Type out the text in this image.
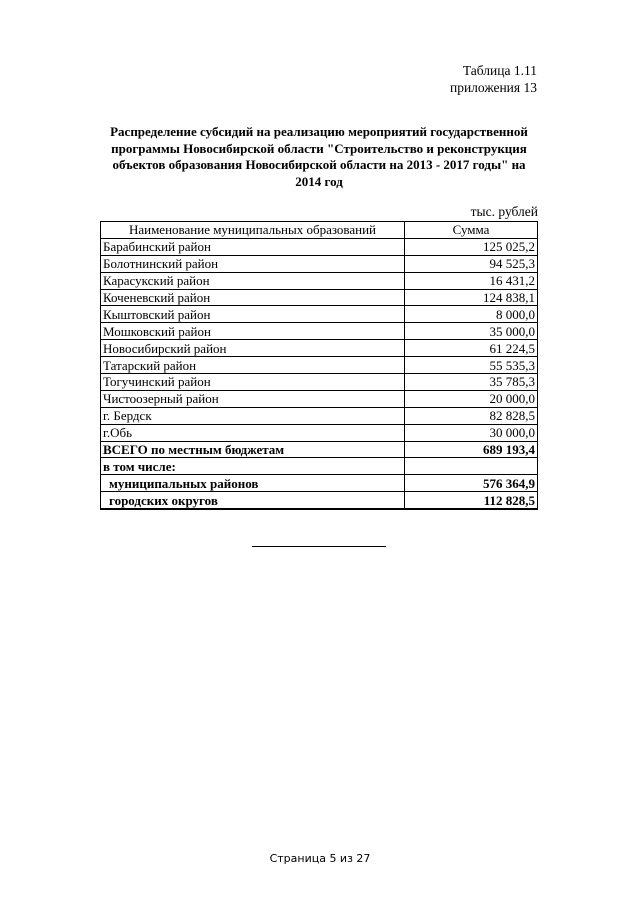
Таблица 1.11
приложения 13
Распределение субсидий на реализацию мероприятий государственной программы Новосибирской области "Строительство и реконструкция объектов образования Новосибирской области на 2013 - 2017 годы" на 2014 год
тыс. рублей
Наименование муниципальных образований	Сумма
Барабинский район	125 025,2
Болотнинский район	94 525,3
Карасукский район	16 431,2
Коченевский район	124 838,1
Кыштовский район	8 000,0
Мошковский район	35 000,0
Новосибирский район	61 224,5
Татарский район	55 535,3
Тогучинский район	35 785,3
Чистоозерный район	20 000,0
г. Бердск	82 828,5
г.Обь	30 000,0
ВСЕГО по местным бюджетам	689 193,4
в том числе:	
муниципальных районов	576 364,9
городских округов	112 828,5
Страница 5 из 27
